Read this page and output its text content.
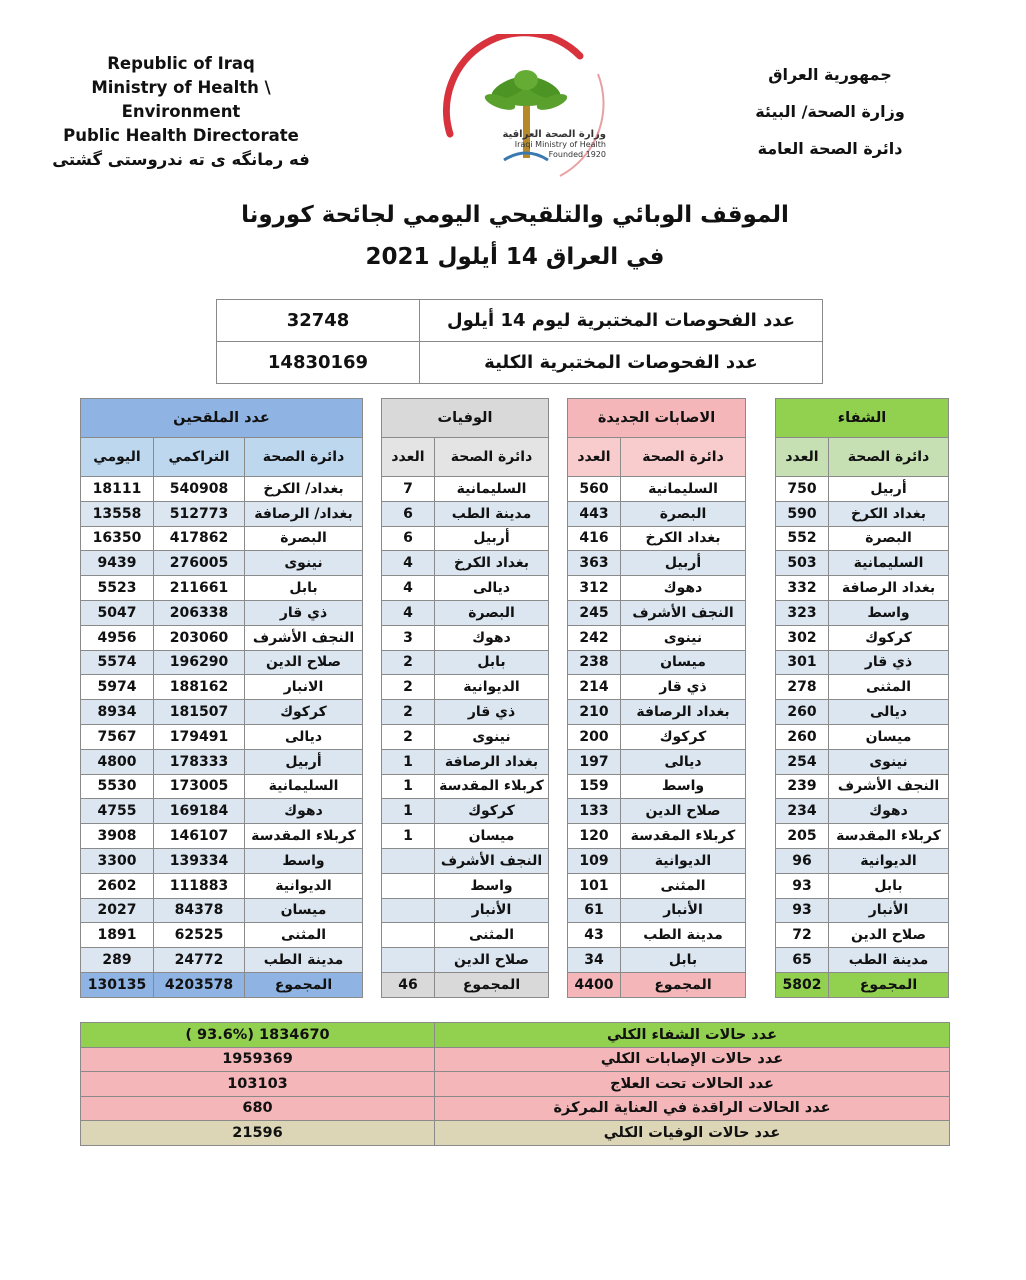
Republic of Iraq
Ministry of Health \ Environment
Public Health Directorate
فه رمانگه ى ته ندروستى گشتى
وزارة الصحة العراقية
Iraqi Ministry of Health
Founded 1920
جمهورية العراق
وزارة الصحة/ البيئة
دائرة الصحة العامة
الموقف الوبائي والتلقيحي اليومي لجائحة كورونا
في العراق 14 أيلول 2021
32748	عدد الفحوصات المختبرية ليوم 14 أيلول
14830169	عدد الفحوصات المختبرية الكلية
عدد الملقحين		
اليومي	التراكمي	دائرة الصحة
18111	540908	بغداد/ الكرخ
13558	512773	بغداد/ الرصافة
16350	417862	البصرة
9439	276005	نينوى
5523	211661	بابل
5047	206338	ذي قار
4956	203060	النجف الأشرف
5574	196290	صلاح الدين
5974	188162	الانبار
8934	181507	كركوك
7567	179491	ديالى
4800	178333	أربيل
5530	173005	السليمانية
4755	169184	دهوك
3908	146107	كربلاء المقدسة
3300	139334	واسط
2602	111883	الديوانية
2027	84378	ميسان
1891	62525	المثنى
289	24772	مدينة الطب
130135	4203578	المجموع
الوفيات	
العدد	دائرة الصحة
7	السليمانية
6	مدينة الطب
6	أربيل
4	بغداد الكرخ
4	ديالى
4	البصرة
3	دهوك
2	بابل
2	الديوانية
2	ذي قار
2	نينوى
1	بغداد الرصافة
1	كربلاء المقدسة
1	كركوك
1	ميسان
	النجف الأشرف
	واسط
	الأنبار
	المثنى
	صلاح الدين
46	المجموع
الاصابات الجديدة	
العدد	دائرة الصحة
560	السليمانية
443	البصرة
416	بغداد الكرخ
363	أربيل
312	دهوك
245	النجف الأشرف
242	نينوى
238	ميسان
214	ذي قار
210	بغداد الرصافة
200	كركوك
197	ديالى
159	واسط
133	صلاح الدين
120	كربلاء المقدسة
109	الديوانية
101	المثنى
61	الأنبار
43	مدينة الطب
34	بابل
4400	المجموع
الشفاء	
العدد	دائرة الصحة
750	أربيل
590	بغداد الكرخ
552	البصرة
503	السليمانية
332	بغداد الرصافة
323	واسط
302	كركوك
301	ذي قار
278	المثنى
260	ديالى
260	ميسان
254	نينوى
239	النجف الأشرف
234	دهوك
205	كربلاء المقدسة
96	الديوانية
93	بابل
93	الأنبار
72	صلاح الدين
65	مدينة الطب
5802	المجموع
( 93.6%) 1834670	عدد حالات الشفاء الكلي
1959369	عدد حالات الإصابات الكلي
103103	عدد الحالات تحت العلاج
680	عدد الحالات الراقدة في العناية المركزة
21596	عدد حالات الوفيات الكلي
